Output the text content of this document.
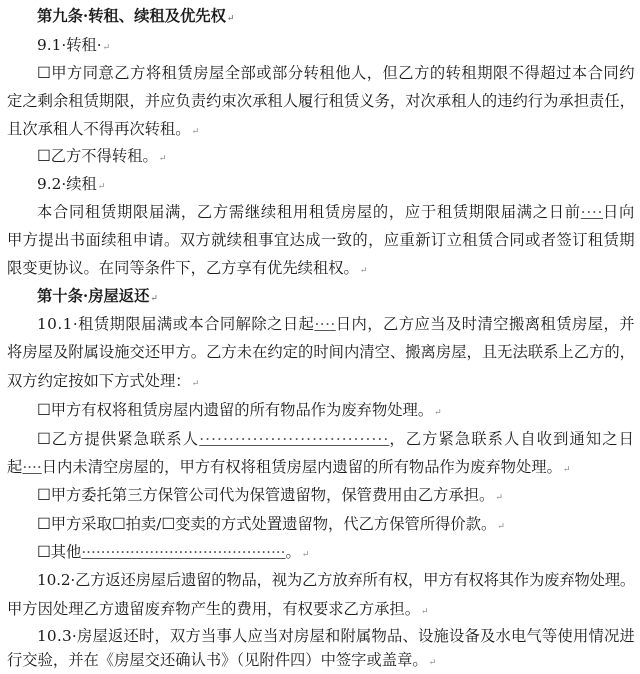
第九条·转租、续租及优先权↵
9.1·转租·↵
☐甲方同意乙方将租赁房屋全部或部分转租他人，但乙方的转租期限不得超过本合同约
定之剩余租赁期限，并应负责约束次承租人履行租赁义务，对次承租人的违约行为承担责任，
且次承租人不得再次转租。↵
☐乙方不得转租。↵
9.2·续租↵
本合同租赁期限届满，乙方需继续租用租赁房屋的，应于租赁期限届满之日前····日向
甲方提出书面续租申请。双方就续租事宜达成一致的，应重新订立租赁合同或者签订租赁期
限变更协议。在同等条件下，乙方享有优先续租权。↵
第十条·房屋返还↵
10.1·租赁期限届满或本合同解除之日起····日内，乙方应当及时清空搬离租赁房屋，并
将房屋及附属设施交还甲方。乙方未在约定的时间内清空、搬离房屋，且无法联系上乙方的，
双方约定按如下方式处理：↵
☐甲方有权将租赁房屋内遗留的所有物品作为废弃物处理。↵
☐乙方提供紧急联系人································，乙方紧急联系人自收到通知之日
起····日内未清空房屋的，甲方有权将租赁房屋内遗留的所有物品作为废弃物处理。↵
☐甲方委托第三方保管公司代为保管遗留物，保管费用由乙方承担。↵
☐甲方采取☐拍卖/☐变卖的方式处置遗留物，代乙方保管所得价款。↵
☐其他··········································。↵
10.2·乙方返还房屋后遗留的物品，视为乙方放弃所有权，甲方有权将其作为废弃物处理。
甲方因处理乙方遗留废弃物产生的费用，有权要求乙方承担。↵
10.3·房屋返还时，双方当事人应当对房屋和附属物品、设施设备及水电气等使用情况进
行交验，并在《房屋交还确认书》（见附件四）中签字或盖章。↵
